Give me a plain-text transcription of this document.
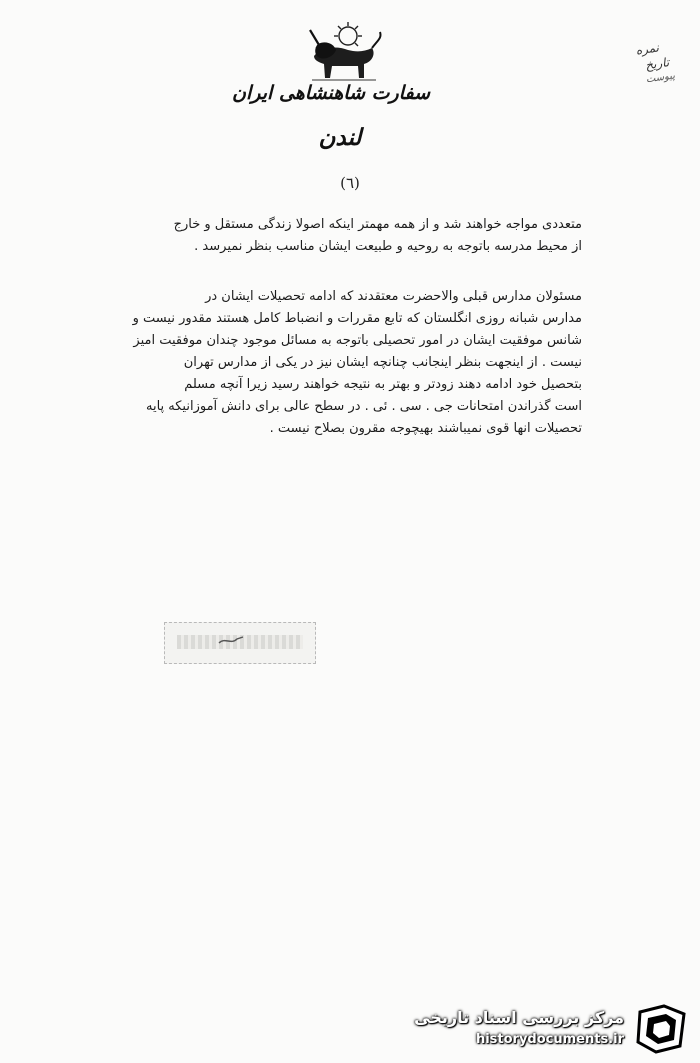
نمره
تاریخ
پیوست
سفارت شاهنشاهی ایران
لندن
(٦)
متعددی مواجه خواهند شد و از همه مهمتر اینکه اصولا زندگی مستقل و خارج
از محیط مدرسه باتوجه به روحیه و طبیعت ایشان مناسب بنظر نمیرسد .
مسئولان مدارس قبلی والاحضرت معتقدند که ادامه تحصیلات ایشان در
مدارس شبانه روزی انگلستان که تابع مقررات و انضباط کامل هستند مقدور نیست و
شانس موفقیت ایشان در امور تحصیلی باتوجه به مسائل موجود چندان موفقیت امیز
نیست . از اینجهت بنظر اینجانب چنانچه ایشان نیز در یکی از مدارس تهران
بتحصیل خود ادامه دهند زودتر و بهتر به نتیجه خواهند رسید زیرا آنچه مسلم
است گذراندن امتحانات جی . سی . ئی . در سطح عالی برای دانش آموزانیکه پایه
تحصیلات انها قوی نمیباشند بهیچوجه مقرون بصلاح نیست .
مرکز بررسی اسناد تاریخی
historydocuments.ir
